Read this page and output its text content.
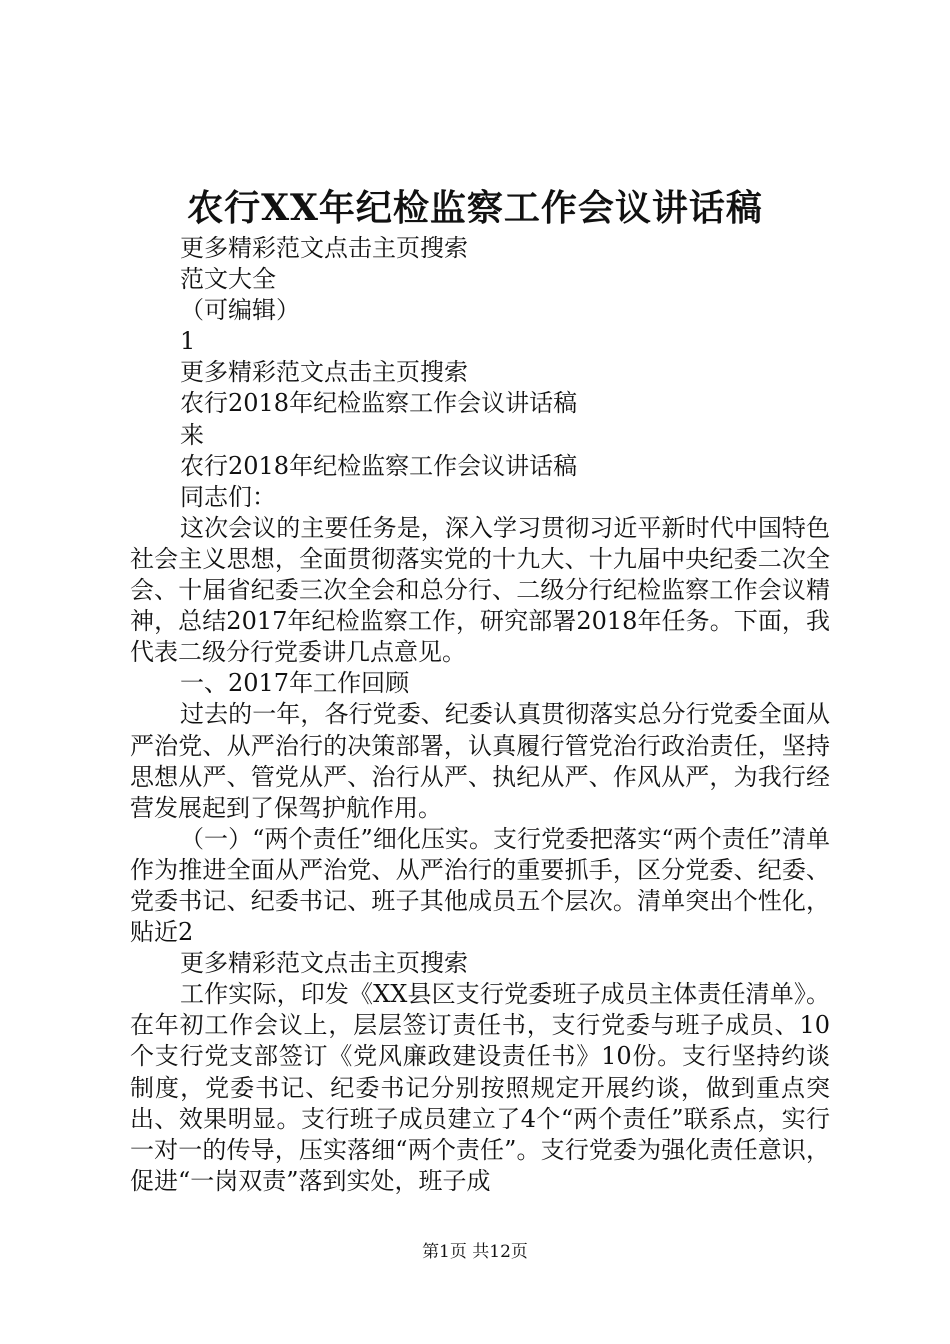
农行XX年纪检监察工作会议讲话稿
更多精彩范文点击主页搜索
范文大全
（可编辑）
1
更多精彩范文点击主页搜索
农行2018年纪检监察工作会议讲话稿
来
农行2018年纪检监察工作会议讲话稿
同志们：
这次会议的主要任务是，深入学习贯彻习近平新时代中国特色社会主义思想，全面贯彻落实党的十九大、十九届中央纪委二次全会、十届省纪委三次全会和总分行、二级分行纪检监察工作会议精神，总结2017年纪检监察工作，研究部署2018年任务。下面，我代表二级分行党委讲几点意见。
一、2017年工作回顾
过去的一年，各行党委、纪委认真贯彻落实总分行党委全面从严治党、从严治行的决策部署，认真履行管党治行政治责任，坚持思想从严、管党从严、治行从严、执纪从严、作风从严，为我行经营发展起到了保驾护航作用。
（一）“两个责任”细化压实。支行党委把落实“两个责任”清单作为推进全面从严治党、从严治行的重要抓手，区分党委、纪委、党委书记、纪委书记、班子其他成员五个层次。清单突出个性化，贴近2
更多精彩范文点击主页搜索
工作实际，印发《XX县区支行党委班子成员主体责任清单》。在年初工作会议上，层层签订责任书，支行党委与班子成员、10个支行党支部签订《党风廉政建设责任书》10份。支行坚持约谈制度，党委书记、纪委书记分别按照规定开展约谈，做到重点突出、效果明显。支行班子成员建立了4个“两个责任”联系点，实行一对一的传导，压实落细“两个责任”。支行党委为强化责任意识，促进“一岗双责”落到实处，班子成
第1页 共12页
